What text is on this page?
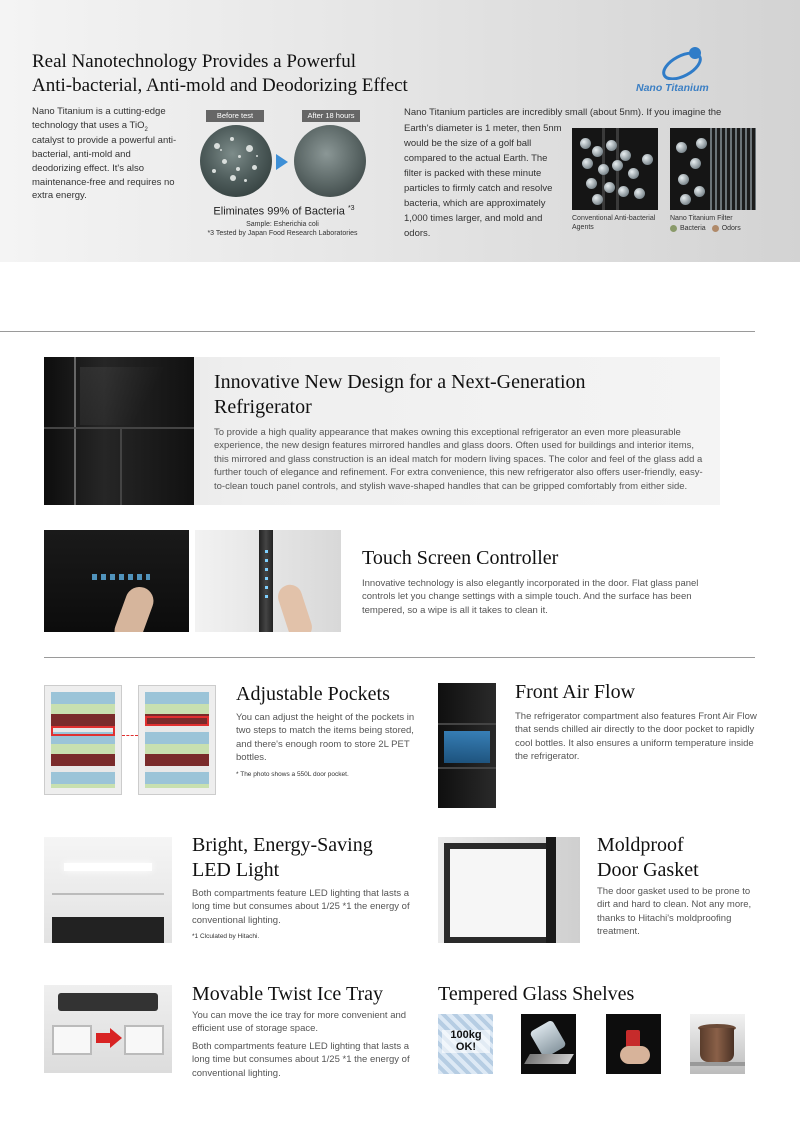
Real Nanotechnology Provides a Powerful
Anti-bacterial, Anti-mold and Deodorizing Effect	Nano Titanium
Nano Titanium is a cutting-edge technology that uses a TiO$_2$ catalyst to provide a powerful anti-bacterial, anti-mold and deodorizing effect. It's also maintenance-free and requires no extra energy.
Before test	After 18 hours
Eliminates 99% of Bacteria $^{*3}$
Sample: Esherichia coli
*3 Tested by Japan Food Research Laboratories
Nano Titanium particles are incredibly small (about 5nm). If you imagine the
Earth's diameter is 1 meter, then 5nm would be the size of a golf ball compared to the actual Earth. The filter is packed with these minute particles to firmly catch and resolve bacteria, which are approximately 1,000 times larger, and mold and odors.
Conventional Anti-bacterial Agents
Nano Titanium Filter
Bacteria Odors
Innovative New Design for a Next-Generation Refrigerator

To provide a high quality appearance that makes owning this exceptional refrigerator an even more pleasurable experience, the new design features mirrored handles and glass doors. Often used for buildings and interior items, this mirrored and glass construction is an ideal match for modern living spaces. The color and feel of the glass add a further touch of elegance and refinement. For extra convenience, this new refrigerator also offers user-friendly, easy-to-clean touch panel controls, and stylish wave-shaped handles that can be gripped comfortably from either side.

Touch Screen Controller

Innovative technology is also elegantly incorporated in the door. Flat glass panel controls let you change settings with a simple touch. And the surface has been tempered, so a wipe is all it takes to clean it.

Adjustable Pockets

You can adjust the height of the pockets in two steps to match the items being stored, and there's enough room to store 2L PET bottles.

* The photo shows a 550L door pocket.
Front Air Flow

The refrigerator compartment also features Front Air Flow that sends chilled air directly to the door pocket to rapidly cool bottles. It also ensures a uniform temperature inside the refrigerator.

Bright, Energy-Saving
LED Light

Both compartments feature LED lighting that lasts a long time but consumes about 1/25 *1 the energy of conventional lighting.

*1 Clculated by Hitachi.
Moldproof
Door Gasket

The door gasket used to be prone to dirt and hard to clean. Not any more, thanks to Hitachi's moldproofing treatment.

Movable Twist Ice Tray

You can move the ice tray for more convenient and efficient use of storage space.

Both compartments feature LED lighting that lasts a long time but consumes about 1/25 *1 the energy of conventional lighting.

Tempered Glass Shelves
100kg
OK!
